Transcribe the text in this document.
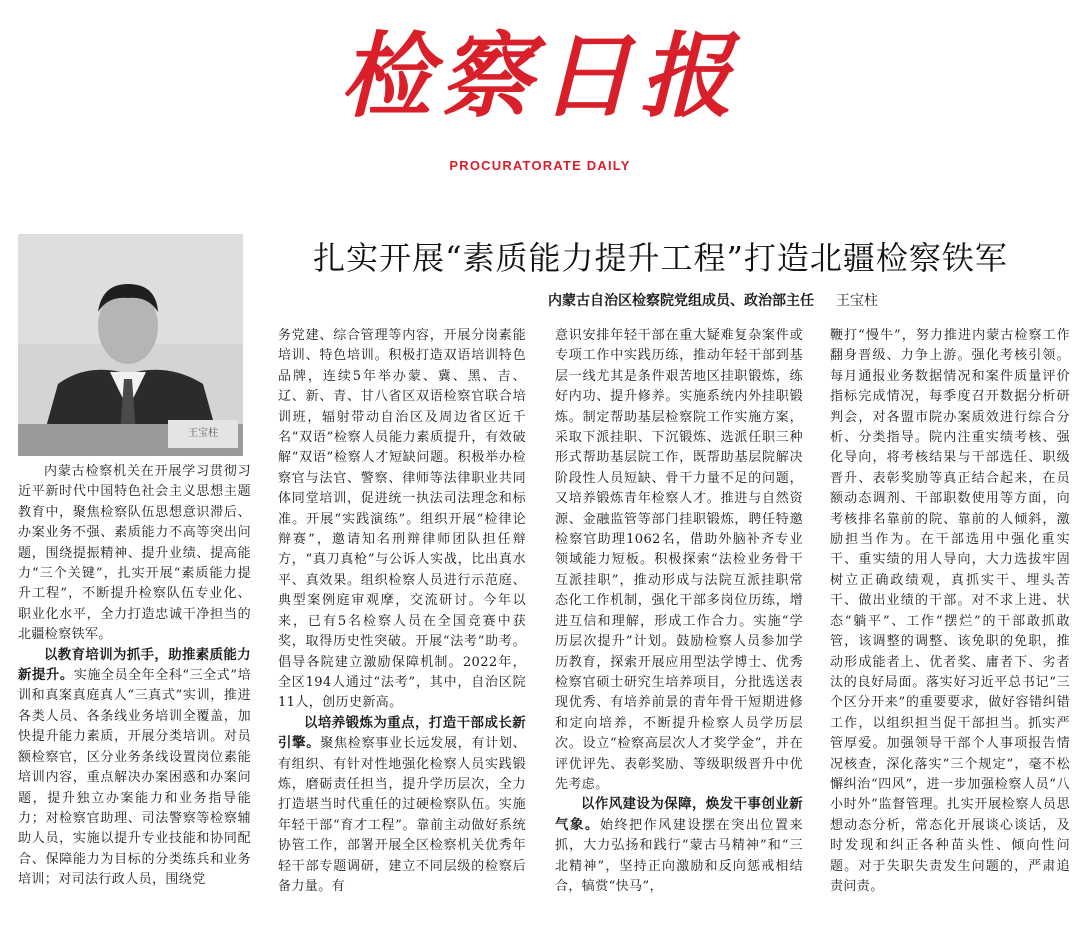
检察日报
PROCURATORATE DAILY
王宝柱
扎实开展“素质能力提升工程”打造北疆检察铁军
内蒙古自治区检察院党组成员、政治部主任 王宝柱

内蒙古检察机关在开展学习贯彻习近平新时代中国特色社会主义思想主题教育中，聚焦检察队伍思想意识滞后、办案业务不强、素质能力不高等突出问题，围绕提振精神、提升业绩、提高能力“三个关键”，扎实开展“素质能力提升工程”，不断提升检察队伍专业化、职业化水平，全力打造忠诚干净担当的北疆检察铁军。

以教育培训为抓手，助推素质能力新提升。实施全员全年全科“三全式”培训和真案真庭真人“三真式”实训，推进各类人员、各条线业务培训全覆盖，加快提升能力素质，开展分类培训。对员额检察官，区分业务条线设置岗位素能培训内容，重点解决办案困惑和办案问题，提升独立办案能力和业务指导能力；对检察官助理、司法警察等检察辅助人员，实施以提升专业技能和协同配合、保障能力为目标的分类练兵和业务培训；对司法行政人员，围绕党

务党建、综合管理等内容，开展分岗素能培训、特色培训。积极打造双语培训特色品牌，连续5年举办蒙、冀、黑、吉、辽、新、青、甘八省区双语检察官联合培训班，辐射带动自治区及周边省区近千名“双语”检察人员能力素质提升，有效破解“双语”检察人才短缺问题。积极举办检察官与法官、警察、律师等法律职业共同体同堂培训，促进统一执法司法理念和标准。开展“实践演练”。组织开展“检律论辩赛”，邀请知名刑辩律师团队担任辩方，“真刀真枪”与公诉人实战，比出真水平、真效果。组织检察人员进行示范庭、典型案例庭审观摩，交流研讨。今年以来，已有5名检察人员在全国竞赛中获奖，取得历史性突破。开展“法考”助考。倡导各院建立激励保障机制。2022年，全区194人通过“法考”，其中，自治区院11人，创历史新高。

以培养锻炼为重点，打造干部成长新引擎。聚焦检察事业长远发展，有计划、有组织、有针对性地强化检察人员实践锻炼，磨砺责任担当，提升学历层次，全力打造堪当时代重任的过硬检察队伍。实施年轻干部“育才工程”。靠前主动做好系统协管工作，部署开展全区检察机关优秀年轻干部专题调研，建立不同层级的检察后备力量。有

意识安排年轻干部在重大疑难复杂案件或专项工作中实践历练，推动年轻干部到基层一线尤其是条件艰苦地区挂职锻炼，练好内功、提升修养。实施系统内外挂职锻炼。制定帮助基层检察院工作实施方案，采取下派挂职、下沉锻炼、选派任职三种形式帮助基层院工作，既帮助基层院解决阶段性人员短缺、骨干力量不足的问题，又培养锻炼青年检察人才。推进与自然资源、金融监管等部门挂职锻炼，聘任特邀检察官助理1062名，借助外脑补齐专业领域能力短板。积极探索“法检业务骨干互派挂职”，推动形成与法院互派挂职常态化工作机制，强化干部多岗位历练，增进互信和理解，形成工作合力。实施“学历层次提升”计划。鼓励检察人员参加学历教育，探索开展应用型法学博士、优秀检察官硕士研究生培养项目，分批选送表现优秀、有培养前景的青年骨干短期进修和定向培养，不断提升检察人员学历层次。设立“检察高层次人才奖学金”，并在评优评先、表彰奖励、等级职级晋升中优先考虑。

以作风建设为保障，焕发干事创业新气象。始终把作风建设摆在突出位置来抓，大力弘扬和践行“蒙古马精神”和“三北精神”，坚持正向激励和反向惩戒相结合，犒赏“快马”，

鞭打“慢牛”，努力推进内蒙古检察工作翻身晋级、力争上游。强化考核引领。每月通报业务数据情况和案件质量评价指标完成情况，每季度召开数据分析研判会，对各盟市院办案质效进行综合分析、分类指导。院内注重实绩考核、强化导向，将考核结果与干部选任、职级晋升、表彰奖励等真正结合起来，在员额动态调剂、干部职数使用等方面，向考核排名靠前的院、靠前的人倾斜，激励担当作为。在干部选用中强化重实干、重实绩的用人导向，大力选拔牢固树立正确政绩观，真抓实干、埋头苦干、做出业绩的干部。对不求上进、状态“躺平”、工作“摆烂”的干部敢抓敢管，该调整的调整、该免职的免职，推动形成能者上、优者奖、庸者下、劣者汰的良好局面。落实好习近平总书记“三个区分开来”的重要要求，做好容错纠错工作，以组织担当促干部担当。抓实严管厚爱。加强领导干部个人事项报告情况核查，深化落实“三个规定”，毫不松懈纠治“四风”，进一步加强检察人员“八小时外”监督管理。扎实开展检察人员思想动态分析，常态化开展谈心谈话，及时发现和纠正各种苗头性、倾向性问题。对于失职失责发生问题的，严肃追责问责。
